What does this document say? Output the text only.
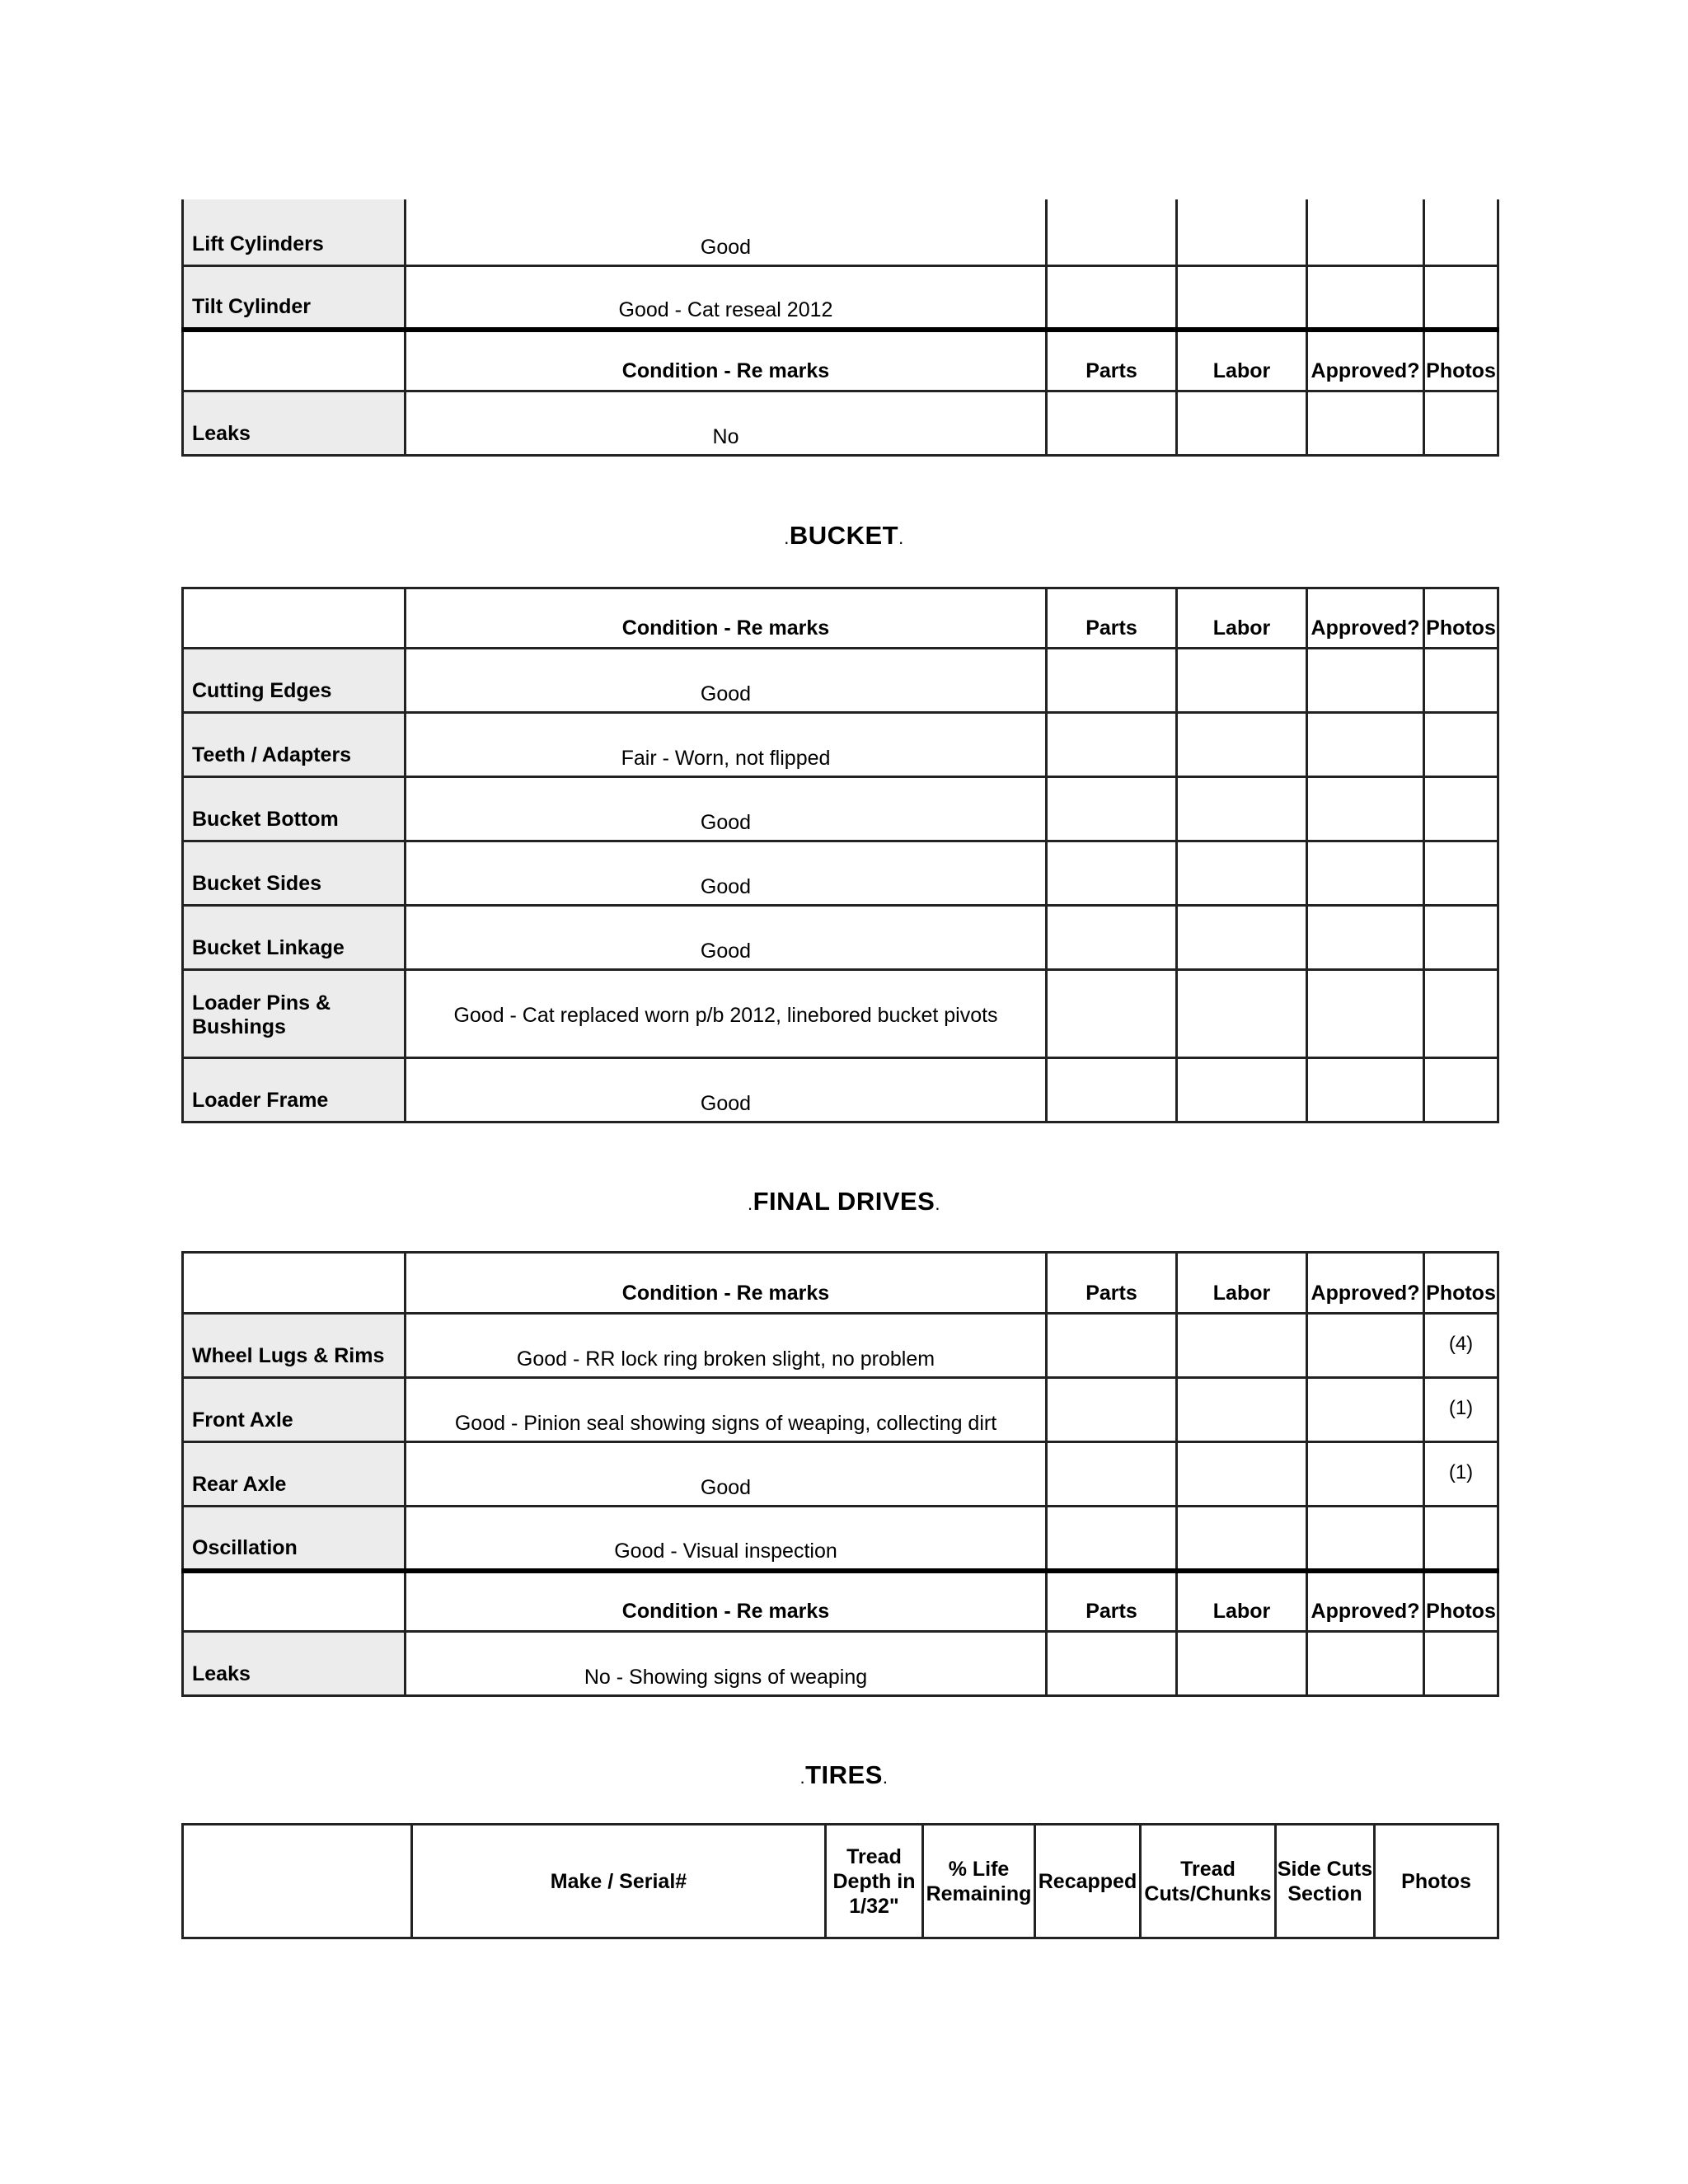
Lift Cylinders	Good				
Tilt Cylinder	Good - Cat reseal 2012				
	Condition - Re marks	Parts	Labor	Approved?	Photos
Leaks	No				
.BUCKET.
	Condition - Re marks	Parts	Labor	Approved?	Photos
Cutting Edges	Good				
Teeth / Adapters	Fair - Worn, not flipped				
Bucket Bottom	Good				
Bucket Sides	Good				
Bucket Linkage	Good				
Loader Pins & Bushings	Good - Cat replaced worn p/b 2012, linebored bucket pivots				
Loader Frame	Good				
.FINAL DRIVES.
	Condition - Re marks	Parts	Labor	Approved?	Photos
Wheel Lugs & Rims	Good - RR lock ring broken slight, no problem				(4)
Front Axle	Good - Pinion seal showing signs of weaping, collecting dirt				(1)
Rear Axle	Good				(1)
Oscillation	Good - Visual inspection				
	Condition - Re marks	Parts	Labor	Approved?	Photos
Leaks	No - Showing signs of weaping				
.TIRES.
	Make / Serial#	Tread Depth in 1/32"	% Life Remaining	Recapped	Tread Cuts/Chunks	Side Cuts Section	Photos
